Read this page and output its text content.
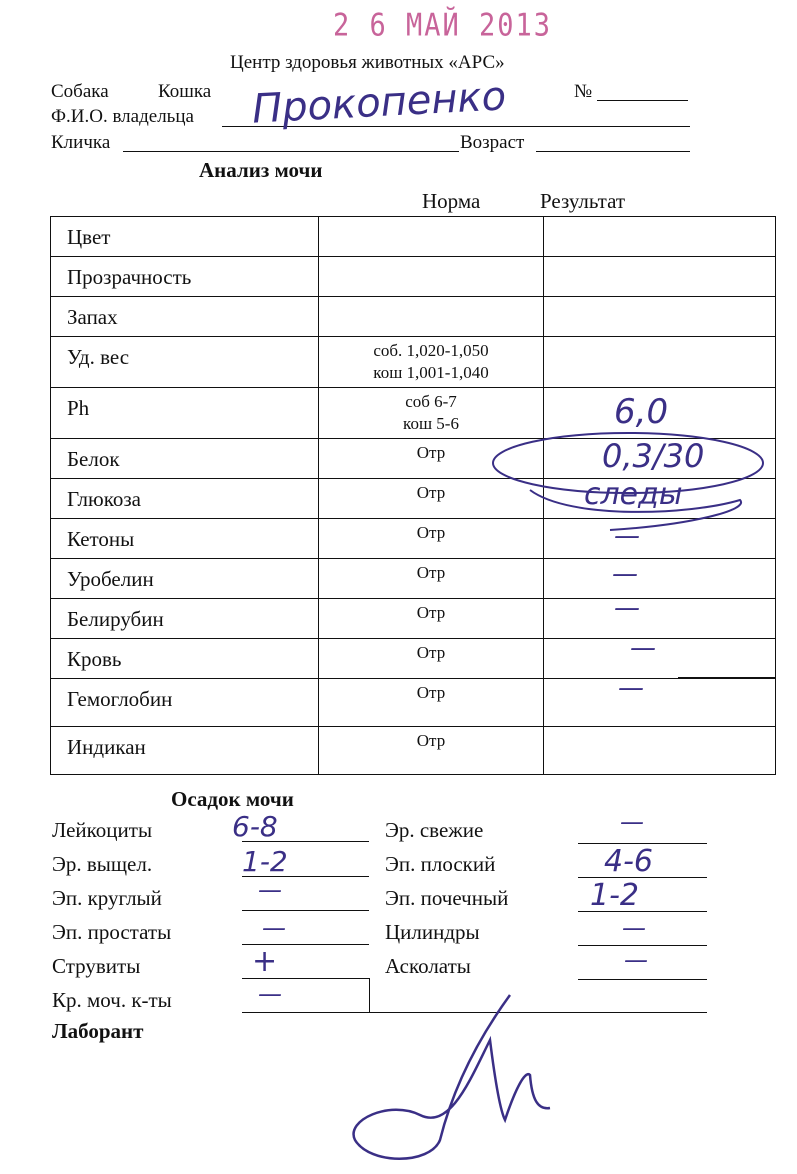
2 6 МАЙ 2013
Центр здоровья животных «АРС»
Собака	Кошка	№
Ф.И.О. владельца Прокопенко
Кличка	Возраст
Анализ мочи
Норма	Результат
Цвет	

Прозрачность	

Запах	

Уд. вес	соб. 1,020-1,050
кош 1,001-1,040	

Ph	соб 6-7
кош 5-6	6,0

Белок	Отр	0,3/30

Глюкоза	Отр	следы

Кетоны	Отр	—

Уробелин	Отр	—

Белирубин	Отр	—

Кровь	Отр	—

Гемоглобин	Отр	—

Индикан	Отр	

Осадок мочи
Лейкоциты	6-8
Эр. выщел.	1-2
Эп. круглый	—
Эп. простаты	—
Струвиты	+
Кр. моч. к-ты	—
Эр. свежие	—
Эп. плоский	4-6
Эп. почечный	1-2
Цилиндры	—
Асколаты	—
Лаборант
